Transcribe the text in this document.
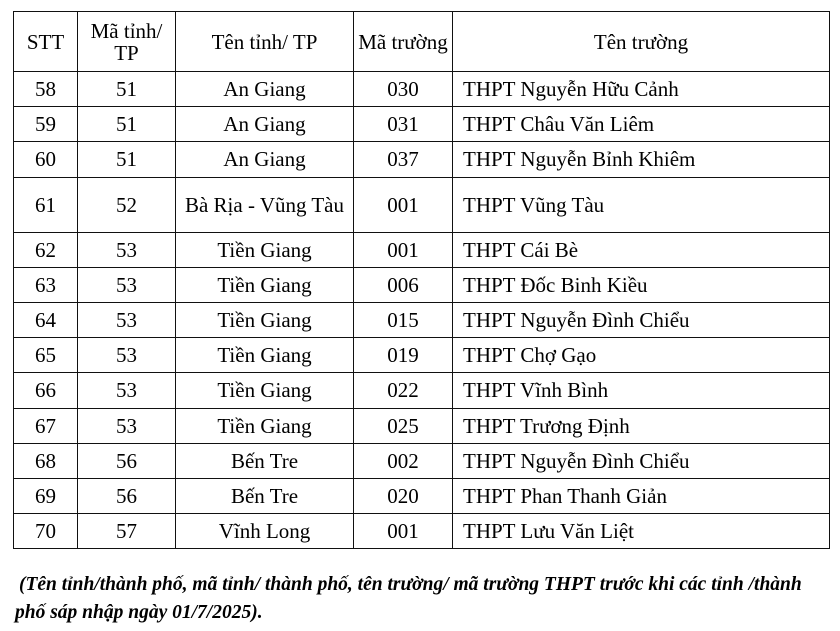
STT	Mã tỉnh/ TP	Tên tỉnh/ TP	Mã trường	Tên trường
58	51	An Giang	030	THPT Nguyễn Hữu Cảnh
59	51	An Giang	031	THPT Châu Văn Liêm
60	51	An Giang	037	THPT Nguyễn Bỉnh Khiêm
61	52	Bà Rịa - Vũng Tàu	001	THPT Vũng Tàu
62	53	Tiền Giang	001	THPT Cái Bè
63	53	Tiền Giang	006	THPT Đốc Binh Kiều
64	53	Tiền Giang	015	THPT Nguyễn Đình Chiểu
65	53	Tiền Giang	019	THPT Chợ Gạo
66	53	Tiền Giang	022	THPT Vĩnh Bình
67	53	Tiền Giang	025	THPT Trương Định
68	56	Bến Tre	002	THPT Nguyễn Đình Chiểu
69	56	Bến Tre	020	THPT Phan Thanh Giản
70	57	Vĩnh Long	001	THPT Lưu Văn Liệt
(Tên tỉnh/thành phố, mã tỉnh/ thành phố, tên trường/ mã trường THPT trước khi các tỉnh /thành phố sáp nhập ngày 01/7/2025).
